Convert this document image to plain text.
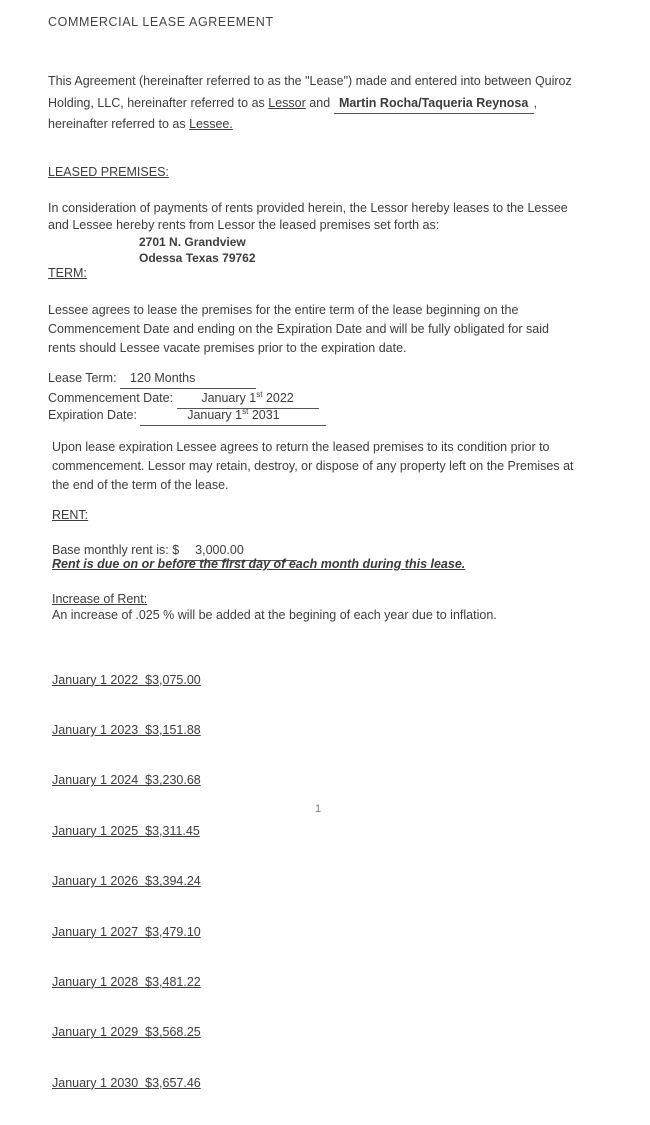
COMMERCIAL LEASE AGREEMENT
This Agreement (hereinafter referred to as the "Lease") made and entered into between Quiroz
Holding, LLC, hereinafter referred to as Lessor and Martin Rocha/Taqueria Reynosa ,
hereinafter referred to as Lessee.
LEASED PREMISES:
In consideration of payments of rents provided herein, the Lessor hereby leases to the Lessee
and Lessee hereby rents from Lessor the leased premises set forth as:
2701 N. Grandview
Odessa Texas 79762
TERM:
Lessee agrees to lease the premises for the entire term of the lease beginning on the
Commencement Date and ending on the Expiration Date and will be fully obligated for said
rents should Lessee vacate premises prior to the expiration date.
Lease Term: 120 Months
Commencement Date: January 1st 2022
Expiration Date:	January 1st 2031
Upon lease expiration Lessee agrees to return the leased premises to its condition prior to
commencement. Lessor may retain, destroy, or dispose of any property left on the Premises at
the end of the term of the lease.
RENT:
Base monthly rent is: $ 3,000.00
Rent is due on or before the first day of each month during this lease.
Increase of Rent:
An increase of .025 % will be added at the begining of each year due to inflation.

January 1 2022  $3,075.00

January 1 2023  $3,151.88

January 1 2024  $3,230.68

January 1 2025  $3,311.45

January 1 2026  $3,394.24

January 1 2027  $3,479.10

January 1 2028  $3,481.22

January 1 2029  $3,568.25

January 1 2030  $3,657.46

1
